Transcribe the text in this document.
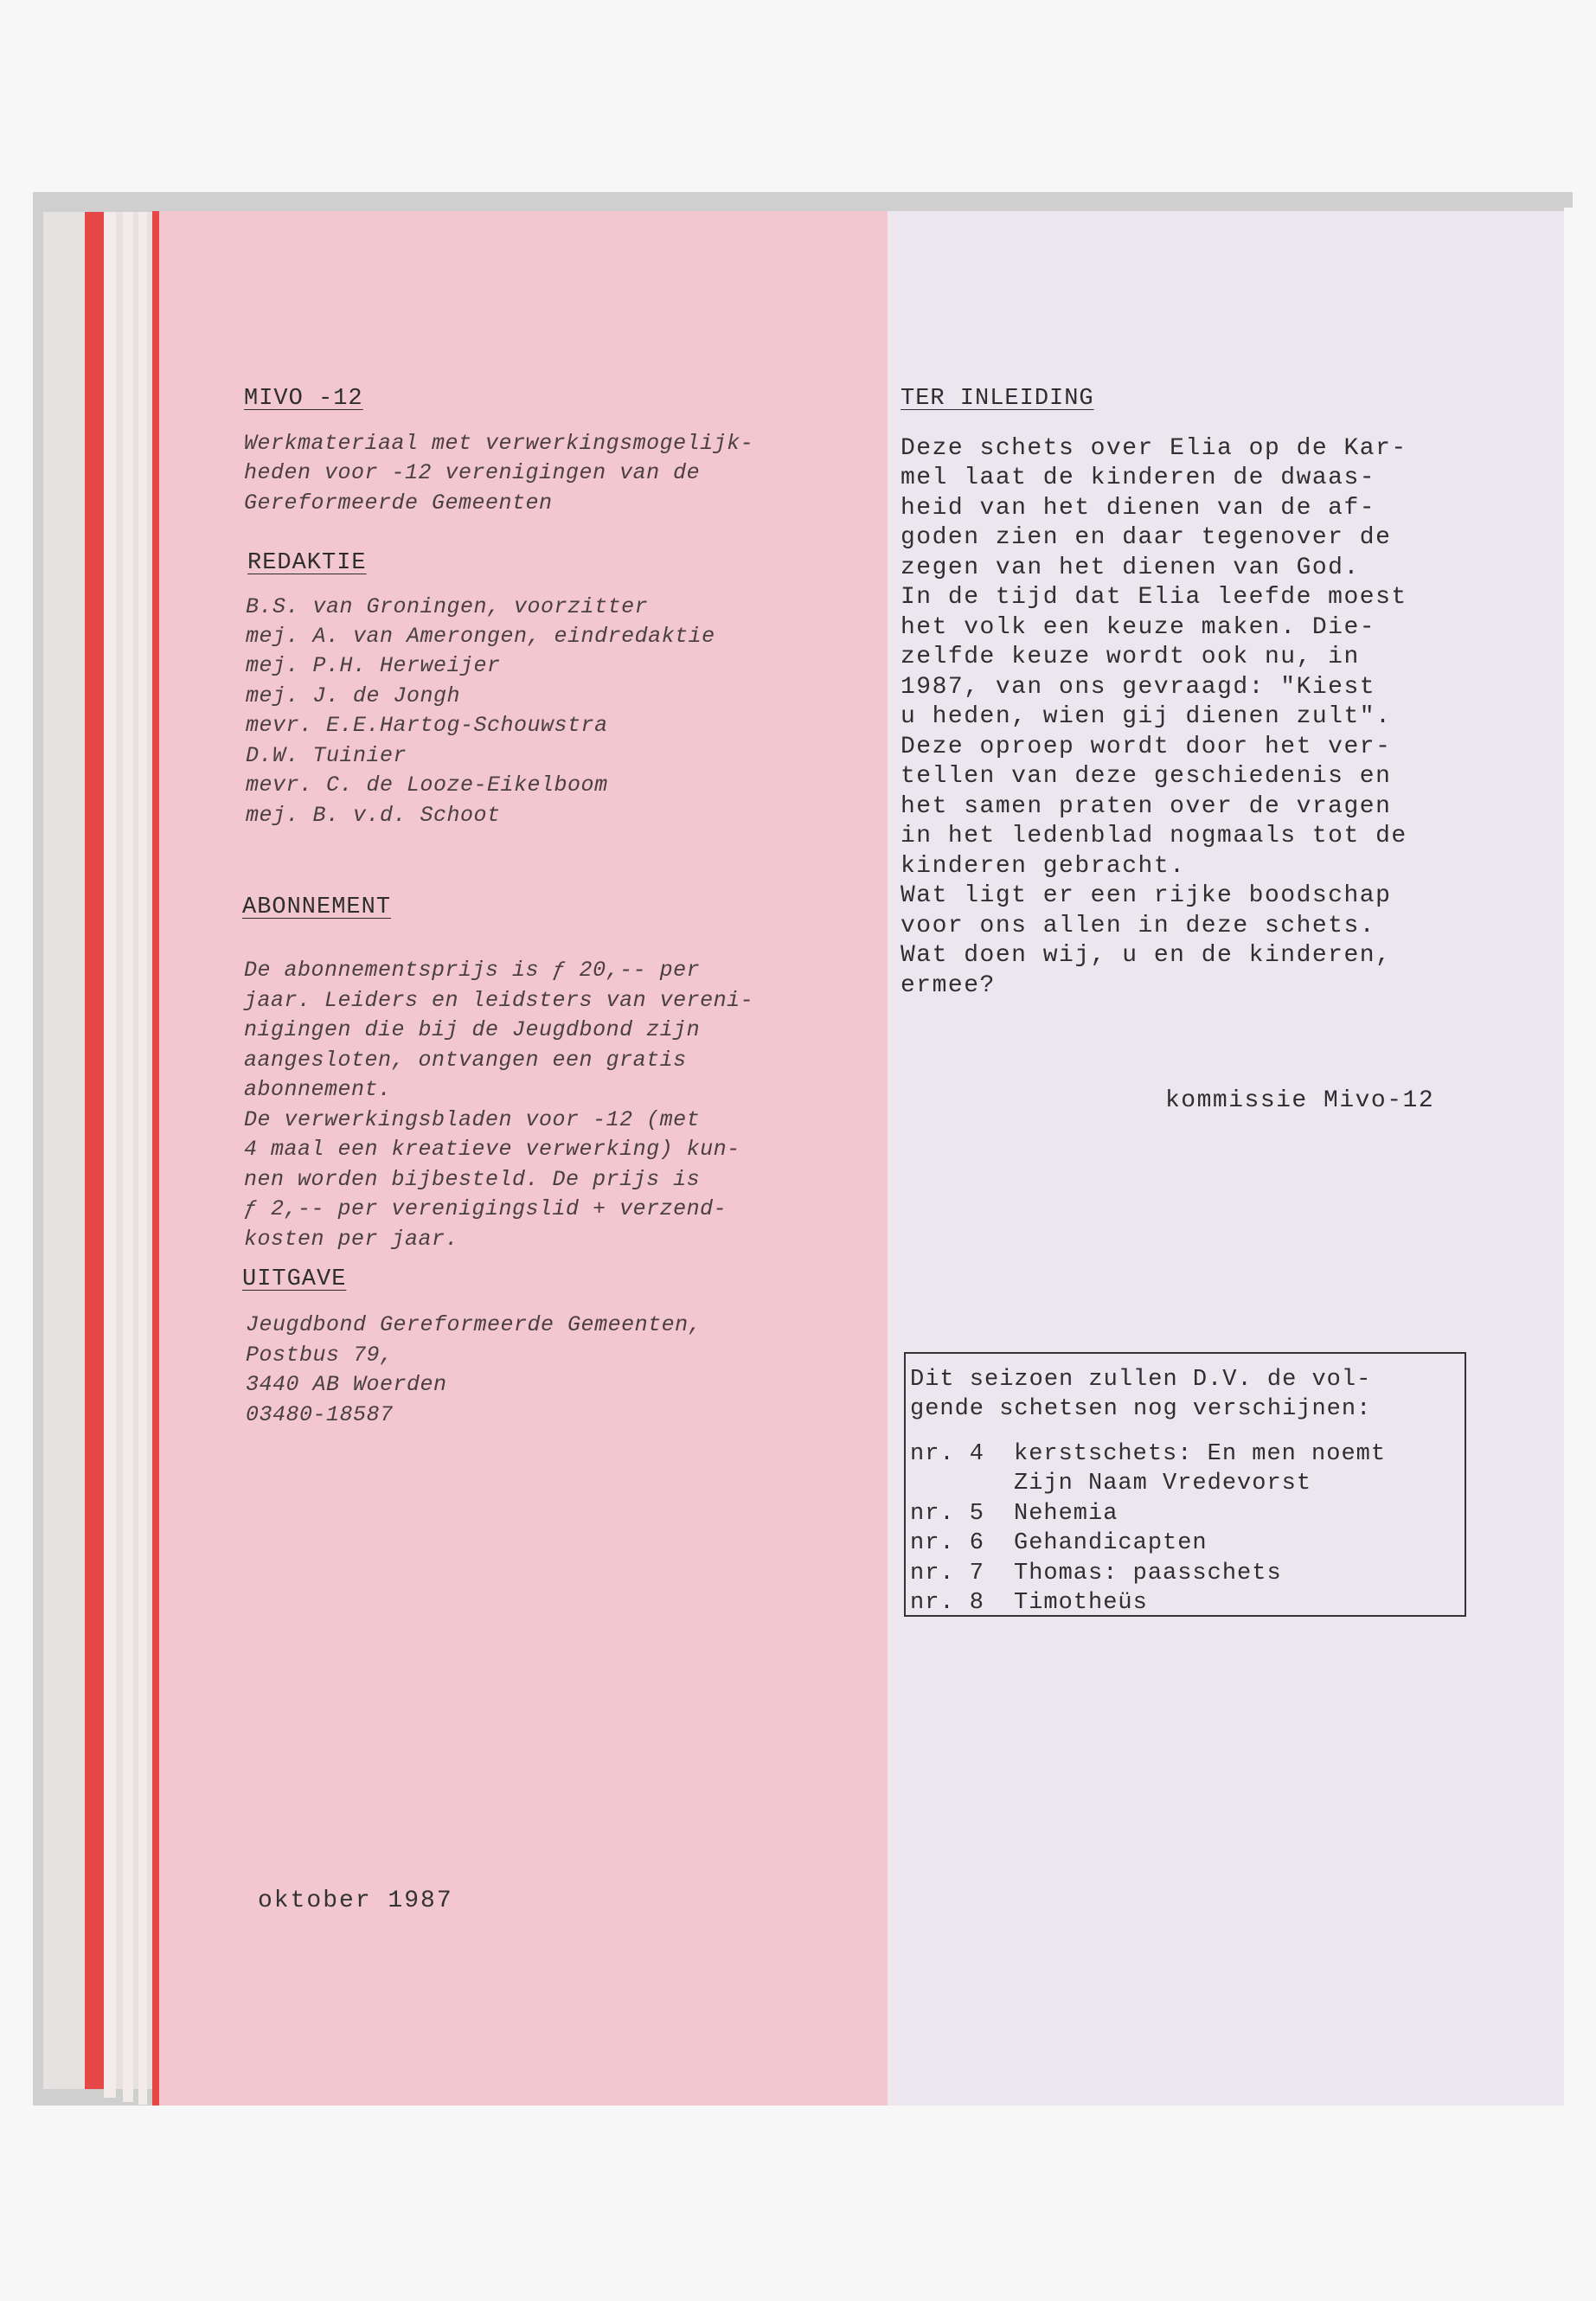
MIVO -12
Werkmateriaal met verwerkingsmogelijk-
heden voor -12 verenigingen van de
Gereformeerde Gemeenten
REDAKTIE
B.S. van Groningen, voorzitter
mej. A. van Amerongen, eindredaktie
mej. P.H. Herweijer
mej. J. de Jongh
mevr. E.E.Hartog-Schouwstra
D.W. Tuinier
mevr. C. de Looze-Eikelboom
mej. B. v.d. Schoot
ABONNEMENT
De abonnementsprijs is ƒ 20,-- per
jaar. Leiders en leidsters van vereni-
nigingen die bij de Jeugdbond zijn
aangesloten, ontvangen een gratis
abonnement.
De verwerkingsbladen voor -12 (met
4 maal een kreatieve verwerking) kun-
nen worden bijbesteld. De prijs is
ƒ 2,-- per verenigingslid + verzend-
kosten per jaar.
UITGAVE
Jeugdbond Gereformeerde Gemeenten,
Postbus 79,
3440 AB Woerden
03480-18587
oktober 1987
TER INLEIDING
Deze schets over Elia op de Kar-
mel laat de kinderen de dwaas-
heid van het dienen van de af-
goden zien en daar tegenover de
zegen van het dienen van God.
In de tijd dat Elia leefde moest
het volk een keuze maken. Die-
zelfde keuze wordt ook nu, in
1987, van ons gevraagd: "Kiest
u heden, wien gij dienen zult".
Deze oproep wordt door het ver-
tellen van deze geschiedenis en
het samen praten over de vragen
in het ledenblad nogmaals tot de
kinderen gebracht.
Wat ligt er een rijke boodschap
voor ons allen in deze schets.
Wat doen wij, u en de kinderen,
ermee?
kommissie Mivo-12
Dit seizoen zullen D.V. de vol-
gende schetsen nog verschijnen:
nr. 4 kerstschets: En men noemt
Zijn Naam Vredevorst
nr. 5 Nehemia
nr. 6 Gehandicapten
nr. 7 Thomas: paasschets
nr. 8 Timotheüs
